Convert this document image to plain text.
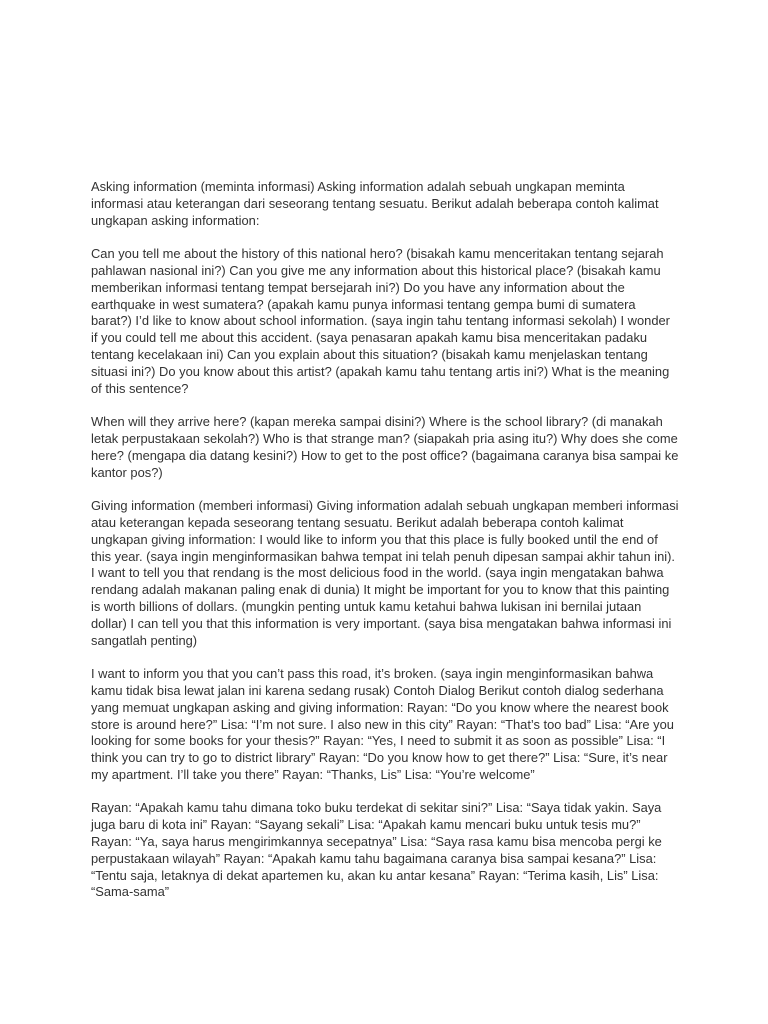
Asking information (meminta informasi) Asking information adalah sebuah ungkapan meminta informasi atau keterangan dari seseorang tentang sesuatu. Berikut adalah beberapa contoh kalimat ungkapan asking information:

Can you tell me about the history of this national hero? (bisakah kamu menceritakan tentang sejarah pahlawan nasional ini?) Can you give me any information about this historical place? (bisakah kamu memberikan informasi tentang tempat bersejarah ini?) Do you have any information about the earthquake in west sumatera? (apakah kamu punya informasi tentang gempa bumi di sumatera barat?) I’d like to know about school information. (saya ingin tahu tentang informasi sekolah) I wonder if you could tell me about this accident. (saya penasaran apakah kamu bisa menceritakan padaku tentang kecelakaan ini) Can you explain about this situation? (bisakah kamu menjelaskan tentang situasi ini?) Do you know about this artist? (apakah kamu tahu tentang artis ini?) What is the meaning of this sentence?

When will they arrive here? (kapan mereka sampai disini?) Where is the school library? (di manakah letak perpustakaan sekolah?) Who is that strange man? (siapakah pria asing itu?) Why does she come here? (mengapa dia datang kesini?) How to get to the post office? (bagaimana caranya bisa sampai ke kantor pos?)

Giving information (memberi informasi) Giving information adalah sebuah ungkapan memberi informasi atau keterangan kepada seseorang tentang sesuatu. Berikut adalah beberapa contoh kalimat ungkapan giving information: I would like to inform you that this place is fully booked until the end of this year. (saya ingin menginformasikan bahwa tempat ini telah penuh dipesan sampai akhir tahun ini). I want to tell you that rendang is the most delicious food in the world. (saya ingin mengatakan bahwa rendang adalah makanan paling enak di dunia) It might be important for you to know that this painting is worth billions of dollars. (mungkin penting untuk kamu ketahui bahwa lukisan ini bernilai jutaan dollar) I can tell you that this information is very important. (saya bisa mengatakan bahwa informasi ini sangatlah penting)

I want to inform you that you can’t pass this road, it’s broken. (saya ingin menginformasikan bahwa kamu tidak bisa lewat jalan ini karena sedang rusak) Contoh Dialog Berikut contoh dialog sederhana yang memuat ungkapan asking and giving information: Rayan: “Do you know where the nearest book store is around here?” Lisa: “I’m not sure. I also new in this city” Rayan: “That’s too bad” Lisa: “Are you looking for some books for your thesis?” Rayan: “Yes, I need to submit it as soon as possible” Lisa: “I think you can try to go to district library” Rayan: “Do you know how to get there?” Lisa: “Sure, it’s near my apartment. I’ll take you there” Rayan: “Thanks, Lis” Lisa: “You’re welcome”

Rayan: “Apakah kamu tahu dimana toko buku terdekat di sekitar sini?” Lisa: “Saya tidak yakin. Saya juga baru di kota ini” Rayan: “Sayang sekali” Lisa: “Apakah kamu mencari buku untuk tesis mu?” Rayan: “Ya, saya harus mengirimkannya secepatnya” Lisa: “Saya rasa kamu bisa mencoba pergi ke perpustakaan wilayah” Rayan: “Apakah kamu tahu bagaimana caranya bisa sampai kesana?” Lisa: “Tentu saja, letaknya di dekat apartemen ku, akan ku antar kesana” Rayan: “Terima kasih, Lis” Lisa: “Sama-sama”
